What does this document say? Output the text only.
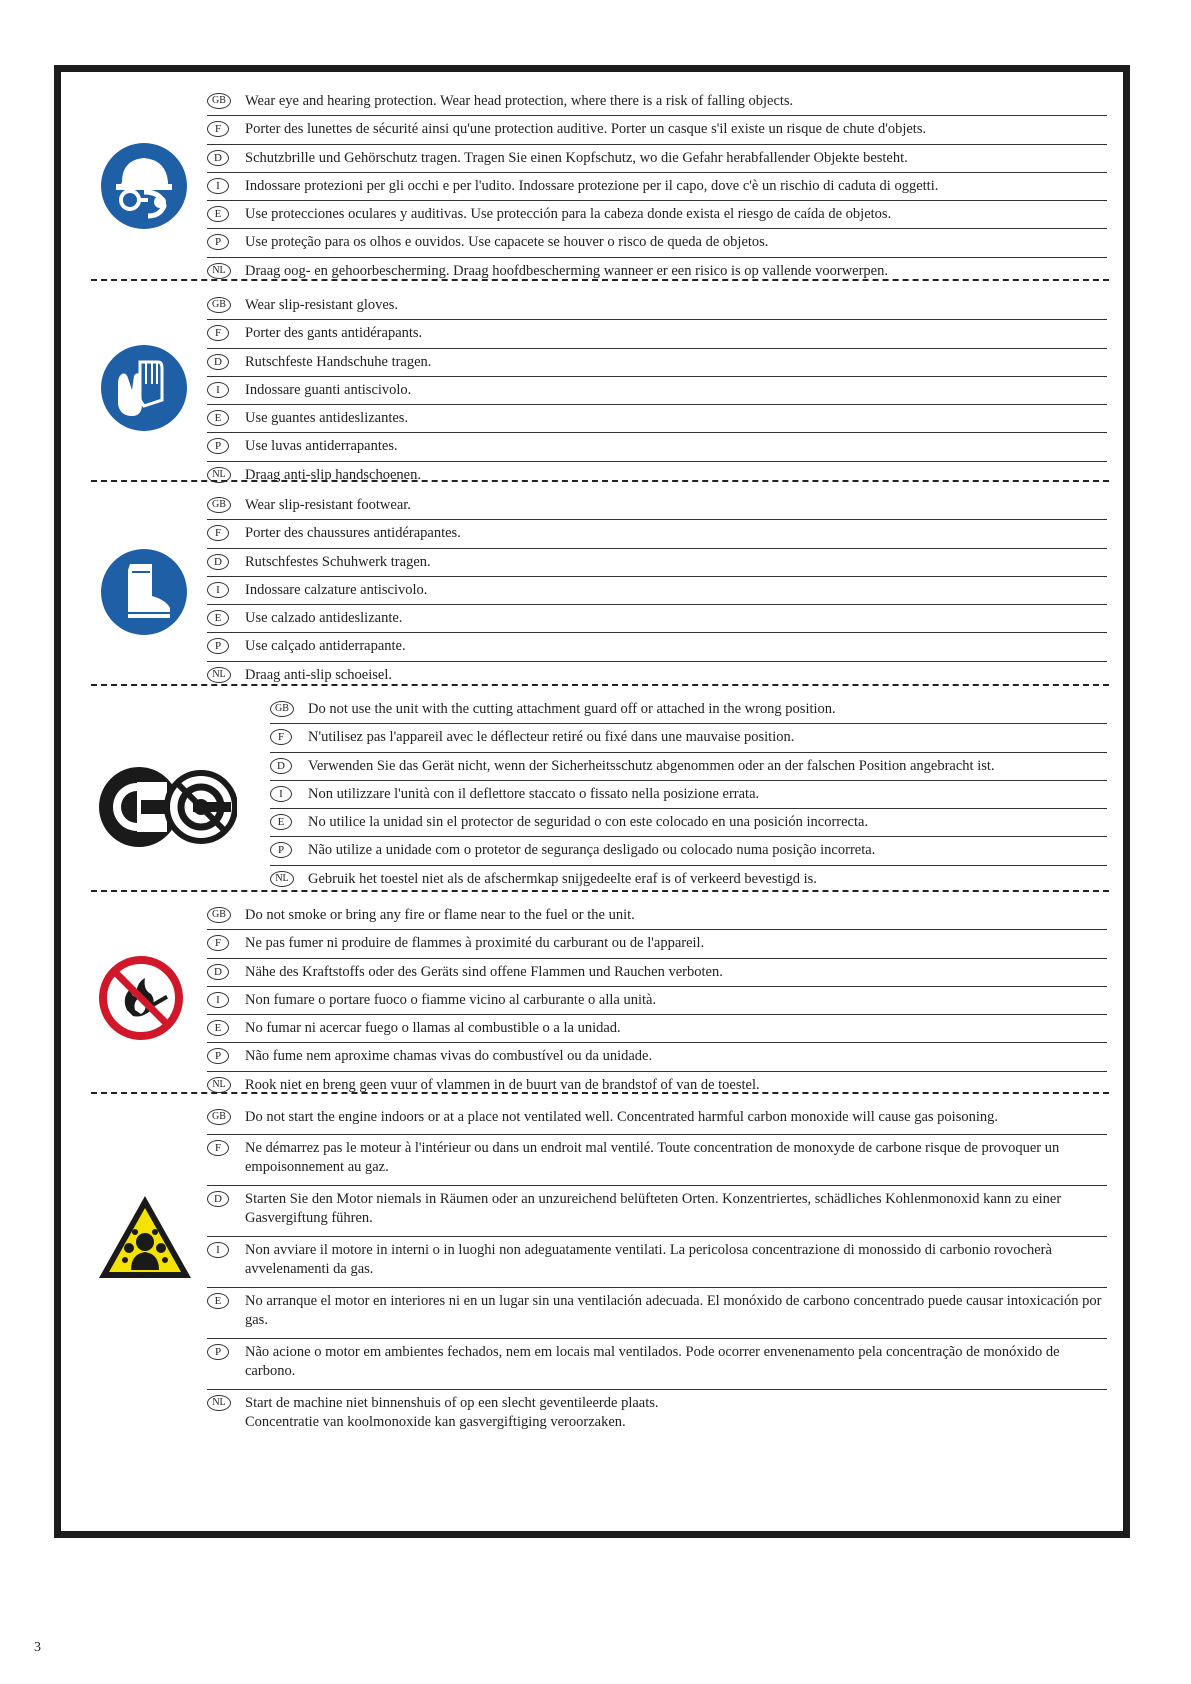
GB	Wear eye and hearing protection. Wear head protection, where there is a risk of falling objects.
F	Porter des lunettes de sécurité ainsi qu'une protection auditive. Porter un casque s'il existe un risque de chute d'objets.
D	Schutzbrille und Gehörschutz tragen. Tragen Sie einen Kopfschutz, wo die Gefahr herabfallender Objekte besteht.
I	Indossare protezioni per gli occhi e per l'udito. Indossare protezione per il capo, dove c'è un rischio di caduta di oggetti.
E	Use protecciones oculares y auditivas. Use protección para la cabeza donde exista el riesgo de caída de objetos.
P	Use proteção para os olhos e ouvidos. Use capacete se houver o risco de queda de objetos.
NL	Draag oog- en gehoorbescherming. Draag hoofdbescherming wanneer er een risico is op vallende voorwerpen.
GB	Wear slip-resistant gloves.
F	Porter des gants antidérapants.
D	Rutschfeste Handschuhe tragen.
I	Indossare guanti antiscivolo.
E	Use guantes antideslizantes.
P	Use luvas antiderrapantes.
NL	Draag anti-slip handschoenen.
GB	Wear slip-resistant footwear.
F	Porter des chaussures antidérapantes.
D	Rutschfestes Schuhwerk tragen.
I	Indossare calzature antiscivolo.
E	Use calzado antideslizante.
P	Use calçado antiderrapante.
NL	Draag anti-slip schoeisel.
GB	Do not use the unit with the cutting attachment guard off or attached in the wrong position.
F	N'utilisez pas l'appareil avec le déflecteur retiré ou fixé dans une mauvaise position.
D	Verwenden Sie das Gerät nicht, wenn der Sicherheitsschutz abgenommen oder an der falschen Position angebracht ist.
I	Non utilizzare l'unità con il deflettore staccato o fissato nella posizione errata.
E	No utilice la unidad sin el protector de seguridad o con este colocado en una posición incorrecta.
P	Não utilize a unidade com o protetor de segurança desligado ou colocado numa posição incorreta.
NL	Gebruik het toestel niet als de afschermkap snijgedeelte eraf is of verkeerd bevestigd is.
GB	Do not smoke or bring any fire or flame near to the fuel or the unit.
F	Ne pas fumer ni produire de flammes à proximité du carburant ou de l'appareil.
D	Nähe des Kraftstoffs oder des Geräts sind offene Flammen und Rauchen verboten.
I	Non fumare o portare fuoco o fiamme vicino al carburante o alla unità.
E	No fumar ni acercar fuego o llamas al combustible o a la unidad.
P	Não fume nem aproxime chamas vivas do combustível ou da unidade.
NL	Rook niet en breng geen vuur of vlammen in de buurt van de brandstof of van de toestel.
GB	Do not start the engine indoors or at a place not ventilated well. Concentrated harmful carbon monoxide will cause gas poisoning.
F	Ne démarrez pas le moteur à l'intérieur ou dans un endroit mal ventilé. Toute concentration de monoxyde de carbone risque de provoquer un empoisonnement au gaz.
D	Starten Sie den Motor niemals in Räumen oder an unzureichend belüfteten Orten. Konzentriertes, schädliches Kohlenmonoxid kann zu einer Gasvergiftung führen.
I	Non avviare il motore in interni o in luoghi non adeguatamente ventilati. La pericolosa concentrazione di monossido di carbonio rovocherà avvelenamenti da gas.
E	No arranque el motor en interiores ni en un lugar sin una ventilación adecuada. El monóxido de carbono concentrado puede causar intoxicación por gas.
P	Não acione o motor em ambientes fechados, nem em locais mal ventilados. Pode ocorrer envenenamento pela concentração de monóxido de carbono.
NL	Start de machine niet binnenshuis of op een slecht geventileerde plaats.
Concentratie van koolmonoxide kan gasvergiftiging veroorzaken.
3
